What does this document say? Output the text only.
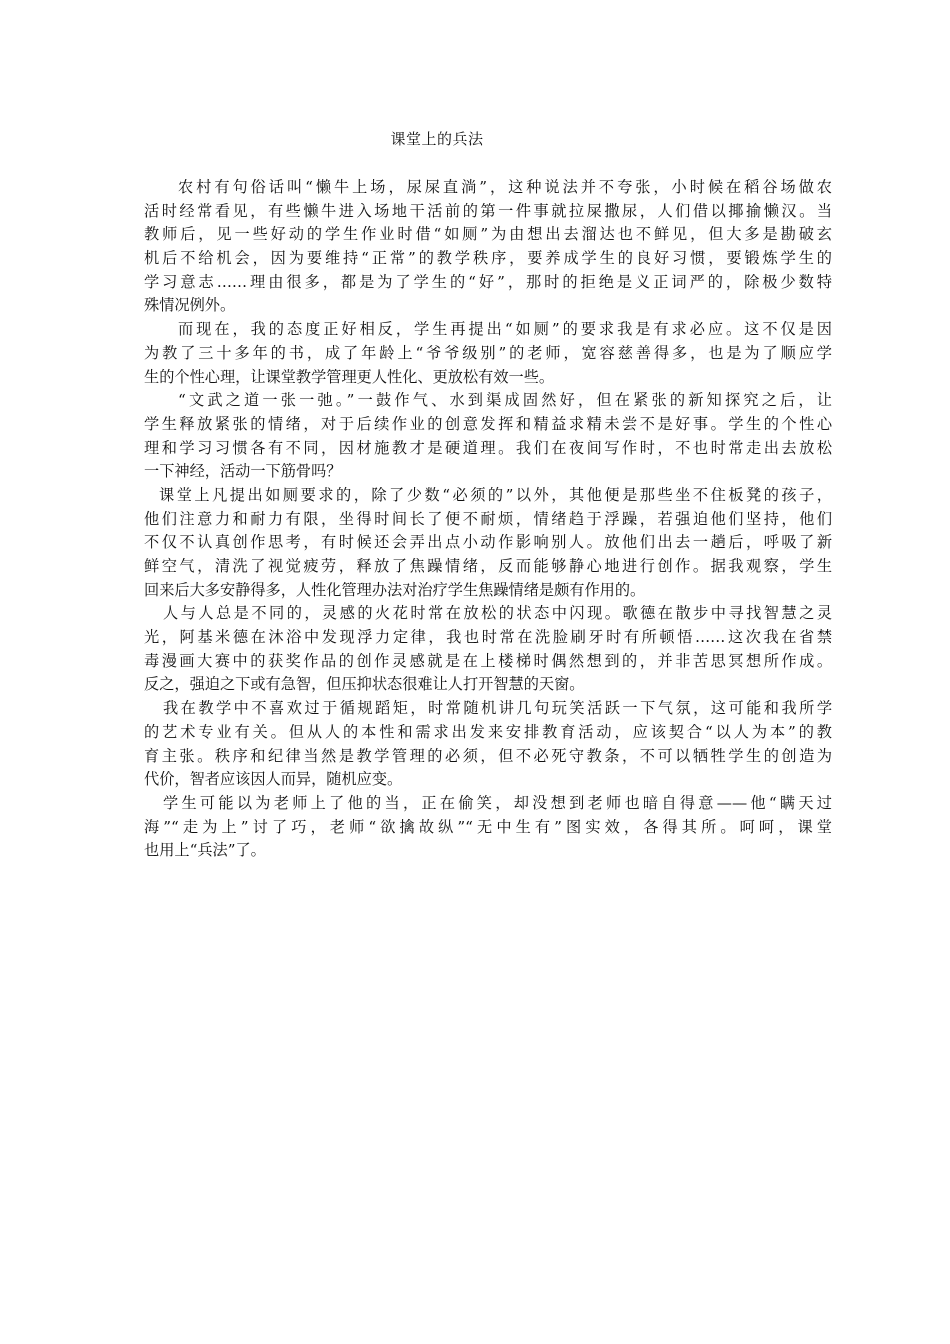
课堂上的兵法
农村有句俗话叫“懒牛上场，尿屎直淌”，这种说法并不夸张，小时候在稻谷场做农
活时经常看见，有些懒牛进入场地干活前的第一件事就拉屎撒尿，人们借以揶揄懒汉。当
教师后，见一些好动的学生作业时借“如厕”为由想出去溜达也不鲜见，但大多是勘破玄
机后不给机会，因为要维持“正常”的教学秩序，要养成学生的良好习惯，要锻炼学生的
学习意志……理由很多，都是为了学生的“好”，那时的拒绝是义正词严的，除极少数特
殊情况例外。
而现在，我的态度正好相反，学生再提出“如厕”的要求我是有求必应。这不仅是因
为教了三十多年的书，成了年龄上“爷爷级别”的老师，宽容慈善得多，也是为了顺应学
生的个性心理，让课堂教学管理更人性化、更放松有效一些。
“文武之道一张一弛。”一鼓作气、水到渠成固然好，但在紧张的新知探究之后，让
学生释放紧张的情绪，对于后续作业的创意发挥和精益求精未尝不是好事。学生的个性心
理和学习习惯各有不同，因材施教才是硬道理。我们在夜间写作时，不也时常走出去放松
一下神经，活动一下筋骨吗？
课堂上凡提出如厕要求的，除了少数“必须的”以外，其他便是那些坐不住板凳的孩子，
他们注意力和耐力有限，坐得时间长了便不耐烦，情绪趋于浮躁，若强迫他们坚持，他们
不仅不认真创作思考，有时候还会弄出点小动作影响别人。放他们出去一趟后，呼吸了新
鲜空气，清洗了视觉疲劳，释放了焦躁情绪，反而能够静心地进行创作。据我观察，学生
回来后大多安静得多，人性化管理办法对治疗学生焦躁情绪是颇有作用的。
人与人总是不同的，灵感的火花时常在放松的状态中闪现。歌德在散步中寻找智慧之灵
光，阿基米德在沐浴中发现浮力定律，我也时常在洗脸刷牙时有所顿悟……这次我在省禁
毒漫画大赛中的获奖作品的创作灵感就是在上楼梯时偶然想到的，并非苦思冥想所作成。
反之，强迫之下或有急智，但压抑状态很难让人打开智慧的天窗。
我在教学中不喜欢过于循规蹈矩，时常随机讲几句玩笑活跃一下气氛，这可能和我所学
的艺术专业有关。但从人的本性和需求出发来安排教育活动，应该契合“以人为本”的教
育主张。秩序和纪律当然是教学管理的必须，但不必死守教条，不可以牺牲学生的创造为
代价，智者应该因人而异，随机应变。
学生可能以为老师上了他的当，正在偷笑，却没想到老师也暗自得意——他“瞒天过
海”“走为上”讨了巧，老师“欲擒故纵”“无中生有”图实效，各得其所。呵呵，课堂
也用上“兵法”了。
